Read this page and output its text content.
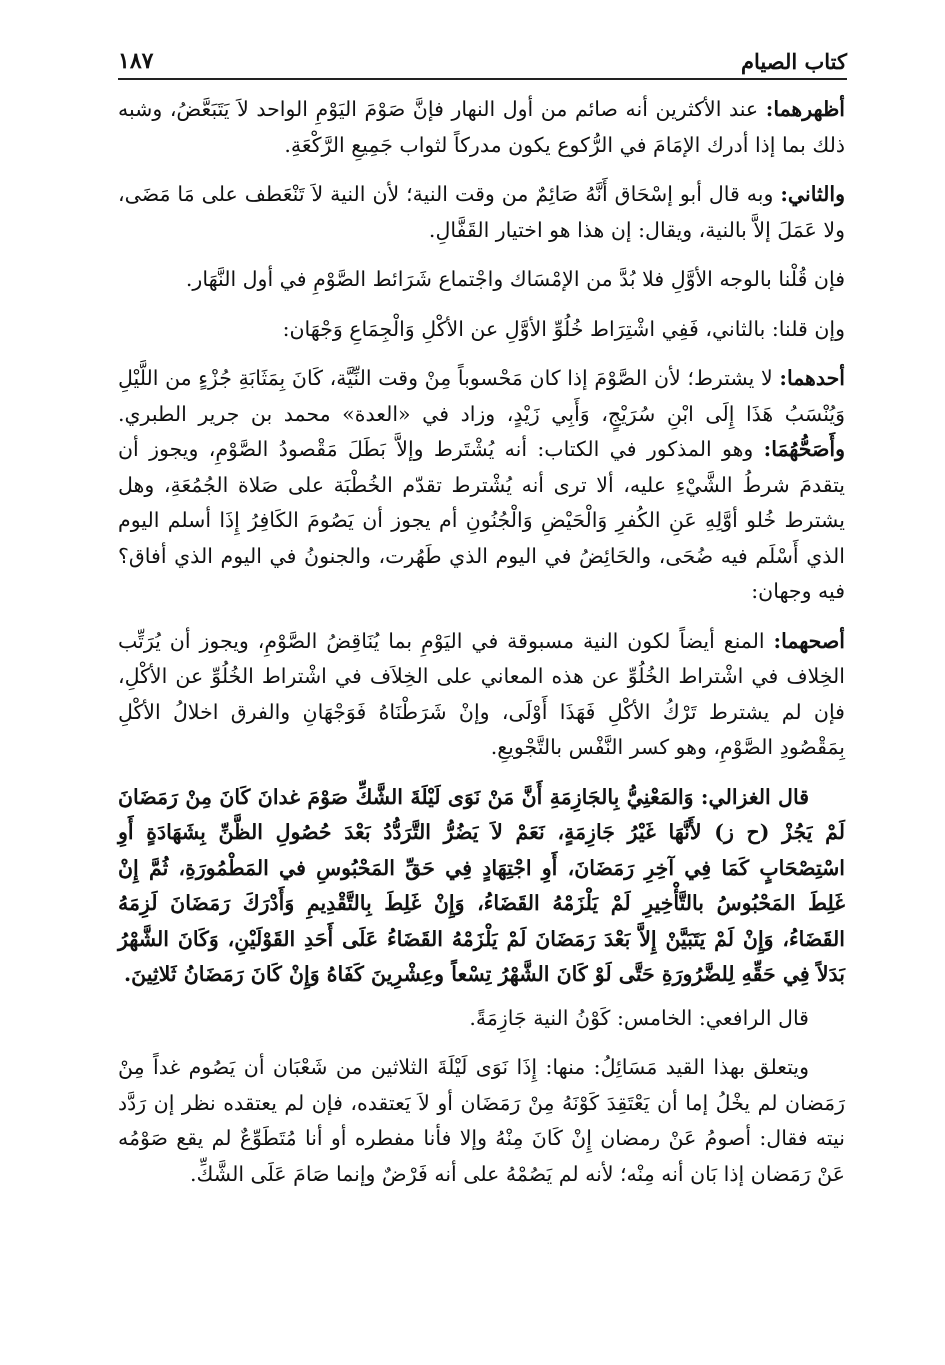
كتاب الصيام
١٨٧

أظهرهما: عند الأكثرين أنه صائم من أول النهار فإنَّ صَوْمَ اليَوْمِ الواحد لاَ يَتَبَعَّضُ، وشبه ذلك بما إذا أدرك الإمَامَ في الرُّكوع يكون مدركاً لثواب جَمِيعِ الرَّكْعَةِ.

والثاني: وبه قال أبو إسْحَاق أَنَّهُ صَائِمٌ من وقت النية؛ لأن النية لاَ تَنْعَطف على مَا مَضَى، ولا عَمَلَ إلاَّ بالنية، ويقال: إن هذا هو اختيار القَفَّالِ.

فإن قُلْنا بالوجه الأوَّلِ فلا بُدَّ من الإمْسَاك واجْتماع شَرَائط الصَّوْمِ في أول النَّهَار.

وإن قلنا: بالثاني، فَفِي اشْتِرَاط خُلُوِّ الأوَّلِ عن الأكْلِ وَالْجِمَاعِ وَجْهَان:

أحدهما: لا يشترط؛ لأن الصَّوْمَ إذا كان مَحْسوباً مِنْ وقت النِّيَّة، كَانَ بِمَثَابَةِ جُزْءٍ من اللَّيْلِ وَيُنْسَبُ هَذَا إِلَى ابْنِ سُرَيْجٍ، وَأَبِي زَيْدٍ، وزاد في «العدة» محمد بن جرير الطبري. وأَصَحُّهُمَا: وهو المذكور في الكتاب: أنه يُشْتَرط وإلاَّ بَطَلَ مَقْصودُ الصَّوْمِ، ويجوز أن يتقدمَ شرطُ الشَّيْءِ عليه، ألا ترى أنه يُشْترط تقدّم الخُطْبَة على صَلاة الجُمُعَةِ، وهل يشترط خُلو أوَّلِهِ عَنِ الكُفرِ وَالْحَيْضِ وَالْجُنُونِ أم يجوز أن يَصُومَ الكَافِرُ إِذَا أسلم اليوم الذي أَسْلَم فيه ضُحَى، والحَائِضُ في اليوم الذي طَهُرت، والجنونُ في اليوم الذي أفاق؟ فيه وجهان:

أصحهما: المنع أيضاً لكون النية مسبوقة في اليَوْمِ بما يُنَاقِضُ الصَّوْمِ، ويجوز أن يُرَتِّب الخِلاف في اشْتراط الخُلُوِّ عن هذه المعاني على الخِلاَف في اشْتراط الخُلُوِّ عن الأكْلِ، فإن لم يشترط تَرْكُ الأكْلِ فَهَذَا أَوْلَى، وإنْ شَرَطْنَاهُ فَوَجْهَانِ والفرق اخلالُ الأكْلِ بِمَقْصُودِ الصَّوْمِ، وهو كسر النَّفْس بالتَّجْويعِ.

قال الغزالي: وَالمَعْنِيُّ بِالجَازِمَةِ أَنَّ مَنْ نَوَى لَيْلَةَ الشَّكِّ صَوْمَ غدانَ كَانَ مِنْ رَمَضَانَ لَمْ يَجُزْ (ح ز) لأَنَّهَا غَيْرُ جَازِمَةٍ، نَعَمْ لاَ يَضُرُّ التَّرَدُّدُ بَعْدَ حُصُولِ الظَّنِّ بِشَهَادَةٍ أَوِ اسْتِصْحَابٍ كَمَا فِي آخِرِ رَمَضَانَ، أَوِ اجْتِهَادٍ فِي حَقِّ المَحْبُوسِ في المَطْمُورَةِ، ثُمَّ إِنْ غَلِطَ المَحْبُوسُ بالتَّأْخِيرِ لَمْ يَلْزَمْهُ القَضَاءُ، وَإِنْ غَلِطَ بِالتَّقْدِيمِ وَأَدْرَكَ رَمَضَانَ لَزِمَهُ القَضَاءُ، وَإِنْ لَمْ يَتَبَيَّنْ إِلاَّ بَعْدَ رَمَضَانَ لَمْ يَلْزَمْهُ القَضَاءُ عَلَى أَحَدِ القَوْلَيْنِ، وَكَانَ الشَّهْرُ بَدَلاً فِي حَقِّهِ لِلضَّرُورَةِ حَتَّى لَوْ كَانَ الشَّهْرُ تِسْعاً وعِشْرِينَ كَفَاهُ وَإِنْ كَانَ رَمَضَانُ ثَلاثِينَ.

قال الرافعي: الخامس: كَوْنُ النية جَازِمَةً.

ويتعلق بهذا القيد مَسَائِلُ: منها: إِذَا نَوَى لَيْلَةَ الثلاثين من شَعْبَان أن يَصُوم غداً مِنْ رَمَضان لم يخْلُ إما أن يَعْتَقِدَ كَوْنَهُ مِنْ رَمَضَان أو لاَ يَعتقده، فإن لم يعتقده نظر إن رَدَّد نيته فقال: أصومُ عَنْ رمضان إِنْ كَانَ مِنْهُ وإلا فأنا مفطره أو أنا مُتَطَوِّعٌ لم يقع صَوْمُه عَنْ رَمَضان إذا بَان أنه مِنْه؛ لأنه لم يَصُمْهُ على أنه فَرْضٌ وإنما صَامَ عَلَى الشَّكِّ.
